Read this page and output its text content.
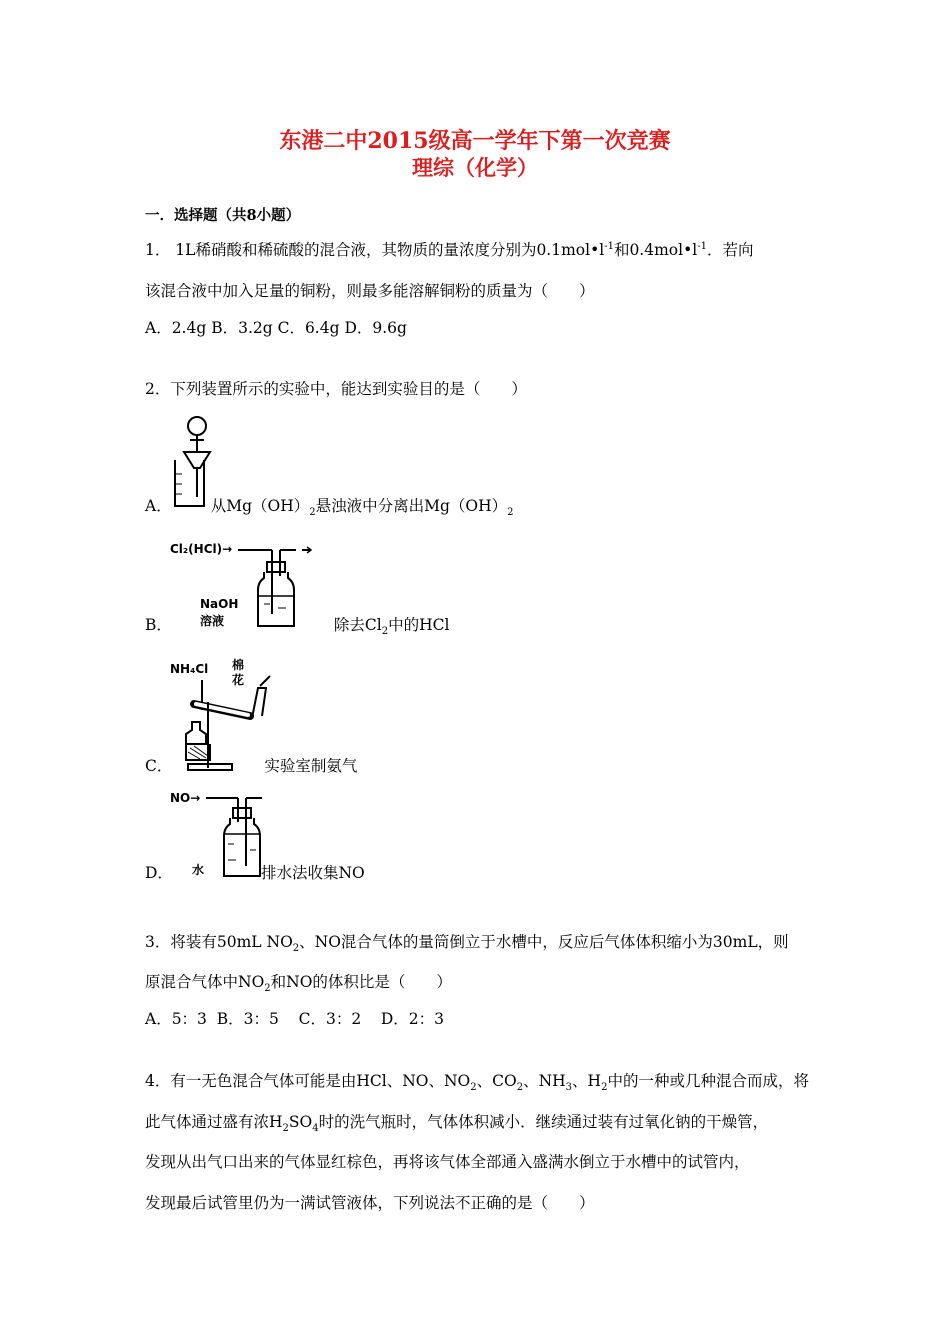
东港二中2015级高一学年下第一次竞赛
理综（化学）
一．选择题（共8小题）
1． 1L稀硝酸和稀硫酸的混合液，其物质的量浓度分别为$0.1mol•l^{-1}$和$0.4mol•l^{-1}$．若向
该混合液中加入足量的铜粉，则最多能溶解铜粉的质量为（　　）
A．2.4g B．3.2g C．6.4g D．9.6g
2．下列装置所示的实验中，能达到实验目的是（　　）
A．	从$Mg(OH)_2$悬浊液中分离出$Mg(OH)_2$
Cl₂(HCl)→
NaOH
溶液
B．	除去$Cl_2$中的HCl
NH₄Cl 棉
花
C．	实验室制氨气
NO→
水
D．	排水法收集NO
3．将装有50mL $NO_2$、NO混合气体的量筒倒立于水槽中，反应后气体体积缩小为30mL，则
原混合气体中$NO_2$和NO的体积比是（　　）
A．5：3  B．3：5    C．3：2    D．2：3
4．有一无色混合气体可能是由HCl、NO、$NO_2$、$CO_2$、$NH_3$、$H_2$中的一种或几种混合而成，将
此气体通过盛有浓$H_2SO_4$时的洗气瓶时，气体体积减小．继续通过装有过氧化钠的干燥管，
发现从出气口出来的气体显红棕色，再将该气体全部通入盛满水倒立于水槽中的试管内，
发现最后试管里仍为一满试管液体，下列说法不正确的是（　　）
